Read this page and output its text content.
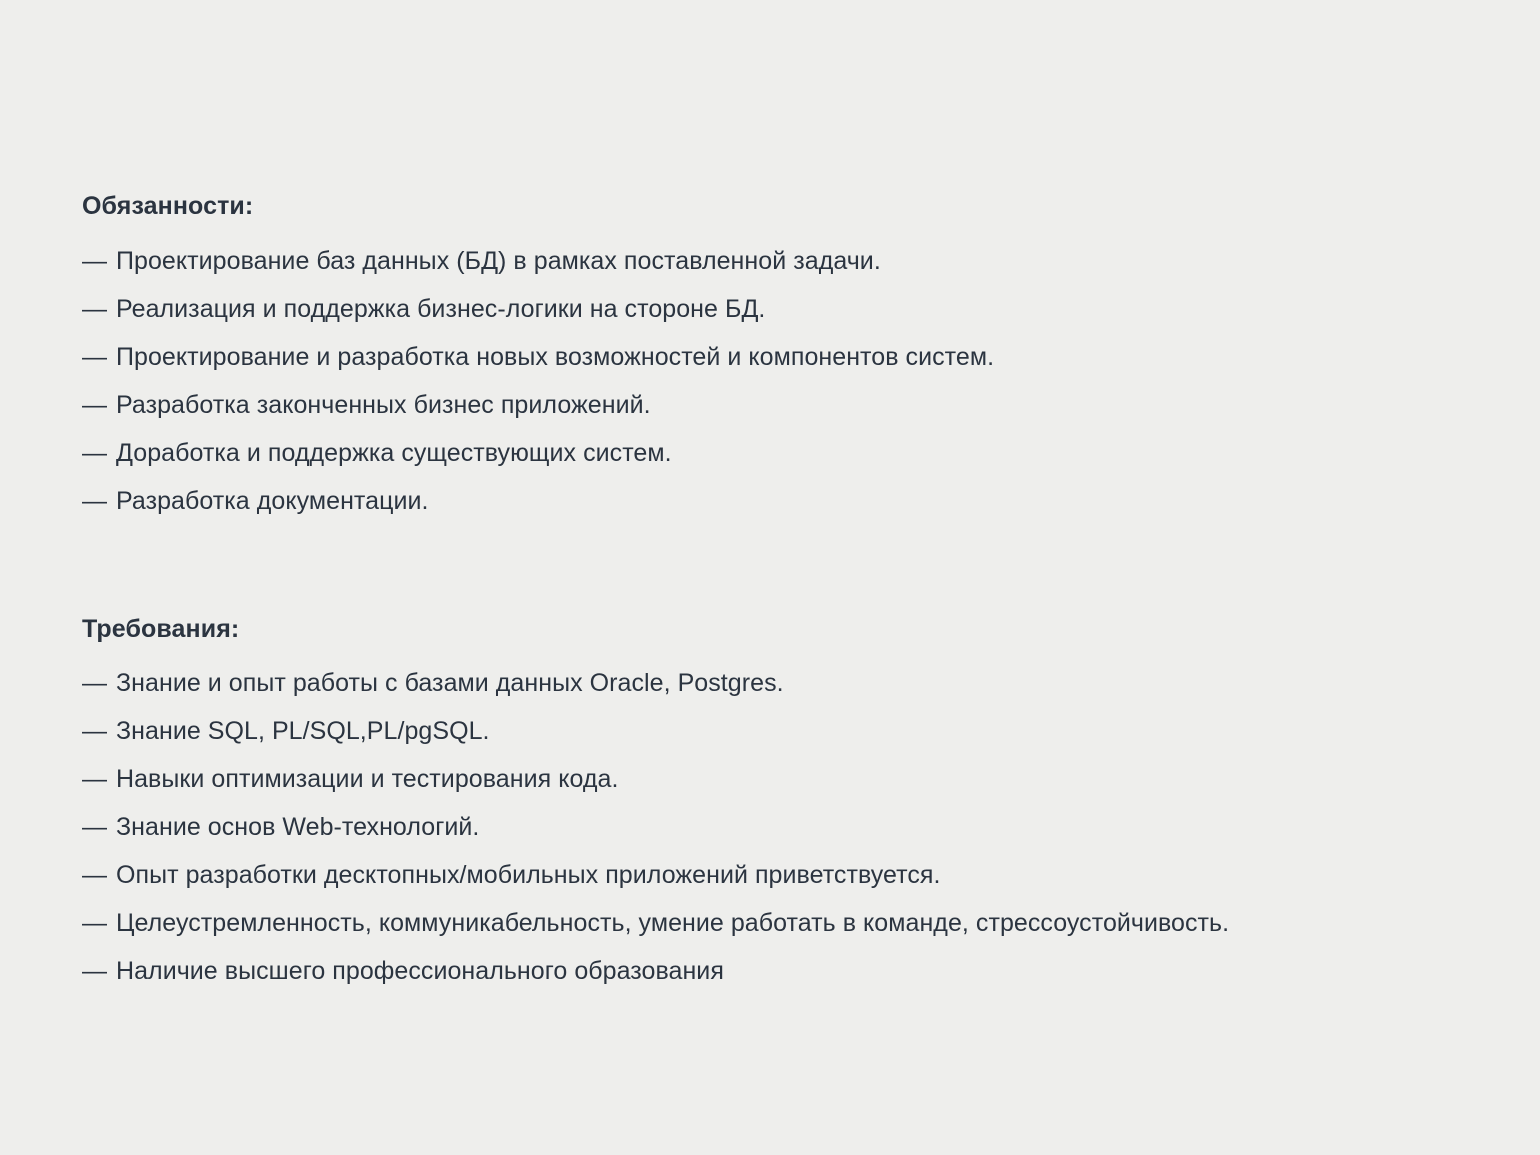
Обязанности:
— Проектирование баз данных (БД) в рамках поставленной задачи.
— Реализация и поддержка бизнес-логики на стороне БД.
— Проектирование и разработка новых возможностей и компонентов систем.
— Разработка законченных бизнес приложений.
— Доработка и поддержка существующих систем.
— Разработка документации.
Требования:
— Знание и опыт работы с базами данных Oracle, Postgres.
— Знание SQL, PL/SQL,PL/pgSQL.
— Навыки оптимизации и тестирования кода.
— Знание основ Web-технологий.
— Опыт разработки десктопных/мобильных приложений приветствуется.
— Целеустремленность, коммуникабельность, умение работать в команде, стрессоустойчивость.
— Наличие высшего профессионального образования
